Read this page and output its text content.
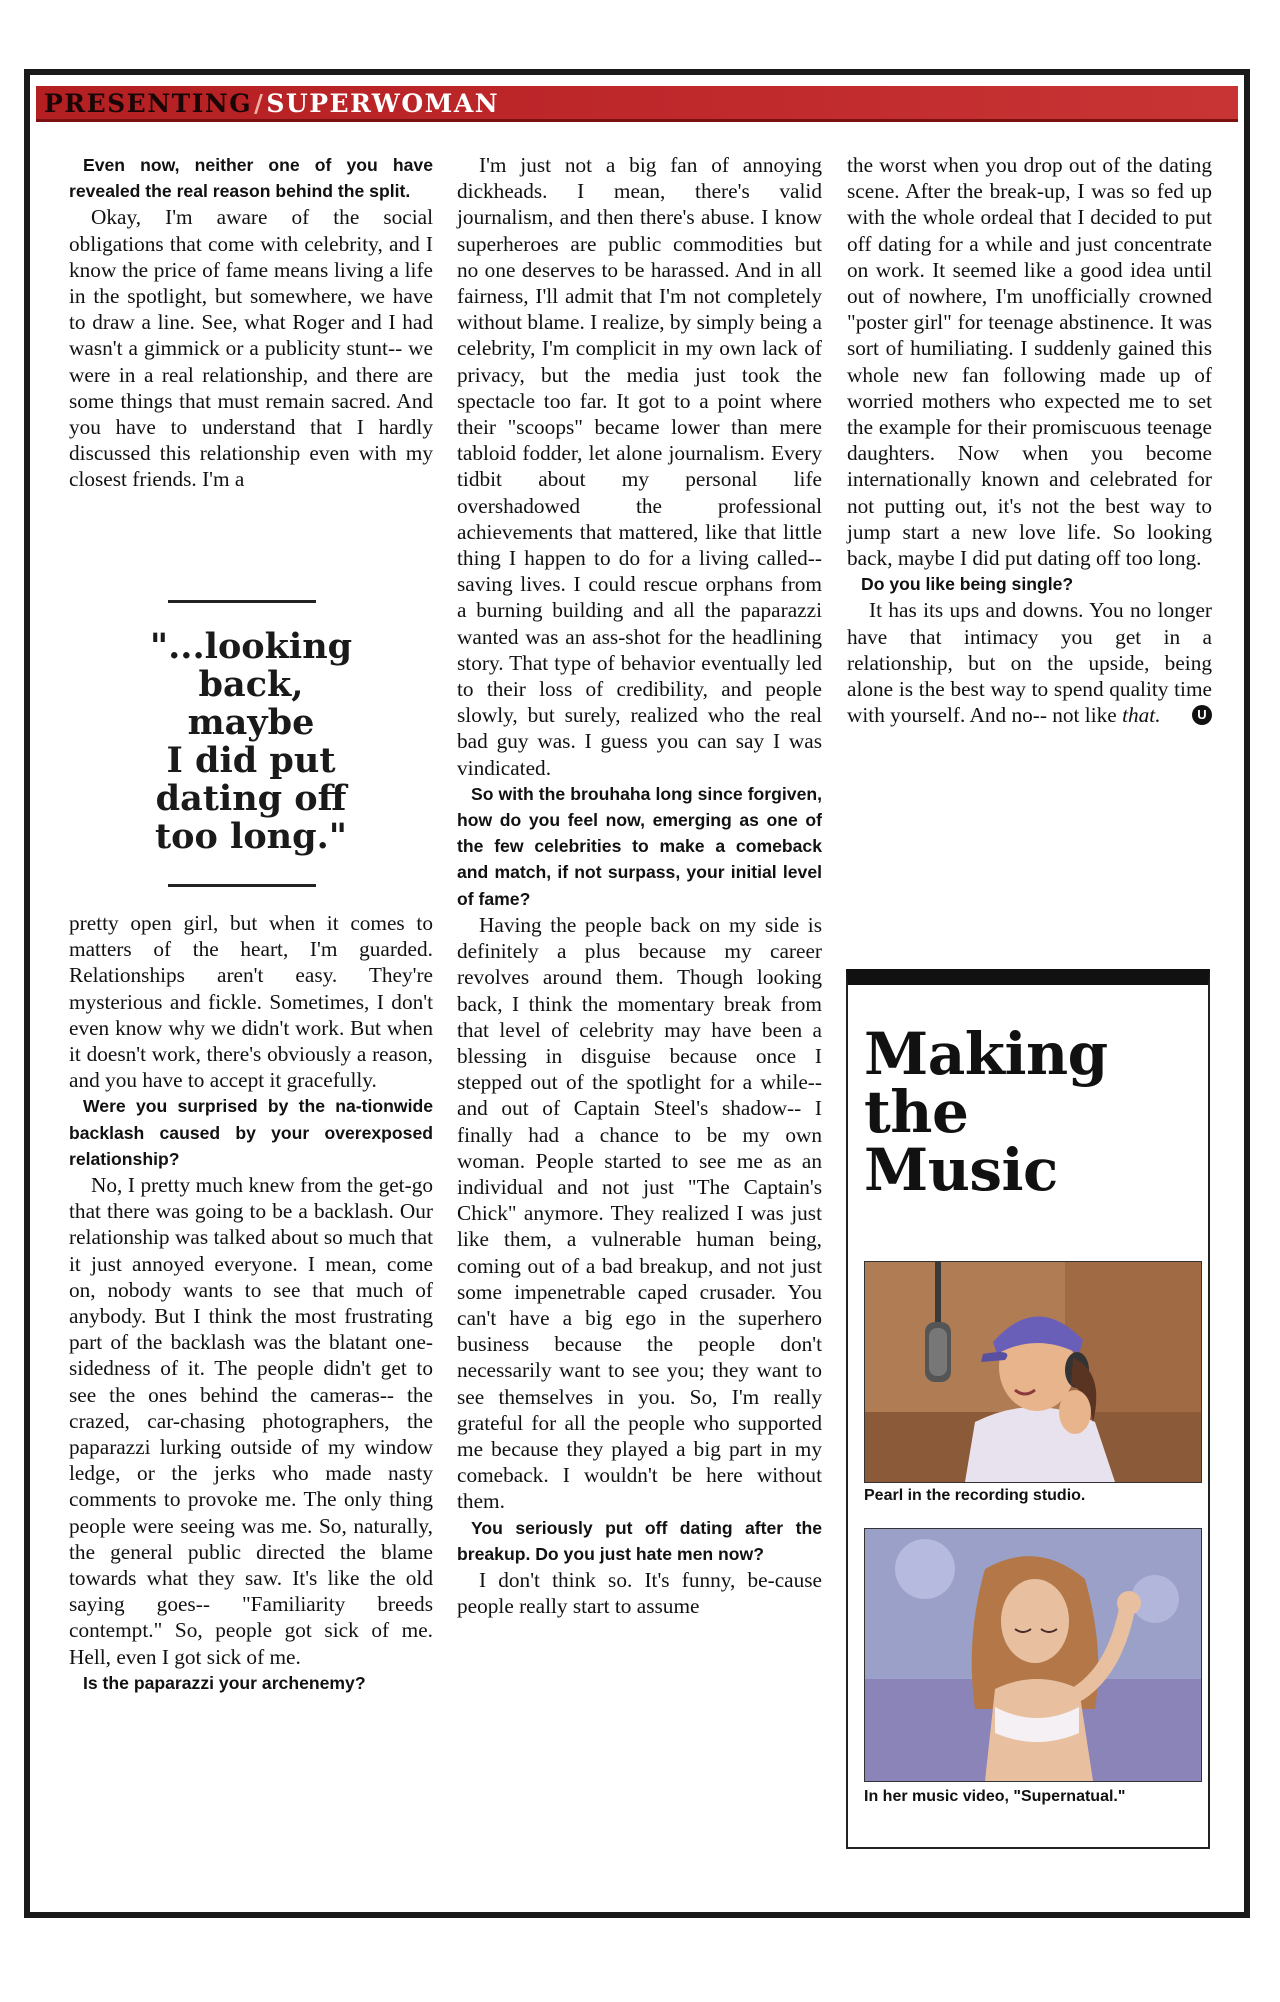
PRESENTING/SUPERWOMAN

Even now, neither one of you have revealed the real reason behind the split.

Okay, I'm aware of the social obligations that come with celebrity, and I know the price of fame means living a life in the spotlight, but somewhere, we have to draw a line. See, what Roger and I had wasn't a gimmick or a publicity stunt-- we were in a real relationship, and there are some things that must remain sacred. And you have to understand that I hardly discussed this relationship even with my closest friends. I'm a

"...looking
back,
maybe
I did put
dating off
too long."

pretty open girl, but when it comes to matters of the heart, I'm guarded. Relationships aren't easy. They're mysterious and fickle. Sometimes, I don't even know why we didn't work. But when it doesn't work, there's obviously a reason, and you have to accept it gracefully.

Were you surprised by the na-tionwide backlash caused by your overexposed relationship?

No, I pretty much knew from the get-go that there was going to be a backlash. Our relationship was talked about so much that it just annoyed everyone. I mean, come on, nobody wants to see that much of anybody. But I think the most frustrating part of the backlash was the blatant one-sidedness of it. The people didn't get to see the ones behind the cameras-- the crazed, car-chasing photographers, the paparazzi lurking outside of my window ledge, or the jerks who made nasty comments to provoke me. The only thing people were seeing was me. So, naturally, the general public directed the blame towards what they saw. It's like the old saying goes-- "Familiarity breeds contempt." So, people got sick of me. Hell, even I got sick of me.

Is the paparazzi your archenemy?

I'm just not a big fan of annoying dickheads. I mean, there's valid journalism, and then there's abuse. I know superheroes are public commodities but no one deserves to be harassed. And in all fairness, I'll admit that I'm not completely without blame. I realize, by simply being a celebrity, I'm complicit in my own lack of privacy, but the media just took the spectacle too far. It got to a point where their "scoops" became lower than mere tabloid fodder, let alone journalism. Every tidbit about my personal life overshadowed the professional achievements that mattered, like that little thing I happen to do for a living called-- saving lives. I could rescue orphans from a burning building and all the paparazzi wanted was an ass-shot for the headlining story. That type of behavior eventually led to their loss of credibility, and people slowly, but surely, realized who the real bad guy was. I guess you can say I was vindicated.

So with the brouhaha long since forgiven, how do you feel now, emerging as one of the few celebrities to make a comeback and match, if not surpass, your initial level of fame?

Having the people back on my side is definitely a plus because my career revolves around them. Though looking back, I think the momentary break from that level of celebrity may have been a blessing in disguise because once I stepped out of the spotlight for a while-- and out of Captain Steel's shadow-- I finally had a chance to be my own woman. People started to see me as an individual and not just "The Captain's Chick" anymore. They realized I was just like them, a vulnerable human being, coming out of a bad breakup, and not just some impenetrable caped crusader. You can't have a big ego in the superhero business because the people don't necessarily want to see you; they want to see themselves in you. So, I'm really grateful for all the people who supported me because they played a big part in my comeback. I wouldn't be here without them.

You seriously put off dating after the breakup. Do you just hate men now?

I don't think so. It's funny, be-cause people really start to assume

the worst when you drop out of the dating scene. After the break-up, I was so fed up with the whole ordeal that I decided to put off dating for a while and just concentrate on work. It seemed like a good idea until out of nowhere, I'm unofficially crowned "poster girl" for teenage abstinence. It was sort of humiliating. I suddenly gained this whole new fan following made up of worried mothers who expected me to set the example for their promiscuous teenage daughters. Now when you become internationally known and celebrated for not putting out, it's not the best way to jump start a new love life. So looking back, maybe I did put dating off too long.

Do you like being single?

It has its ups and downs. You no longer have that intimacy you get in a relationship, but on the upside, being alone is the best way to spend quality time with yourself. And no-- not like that.	U

Making
the
Music
Pearl in the recording studio.
In her music video, "Supernatual."
